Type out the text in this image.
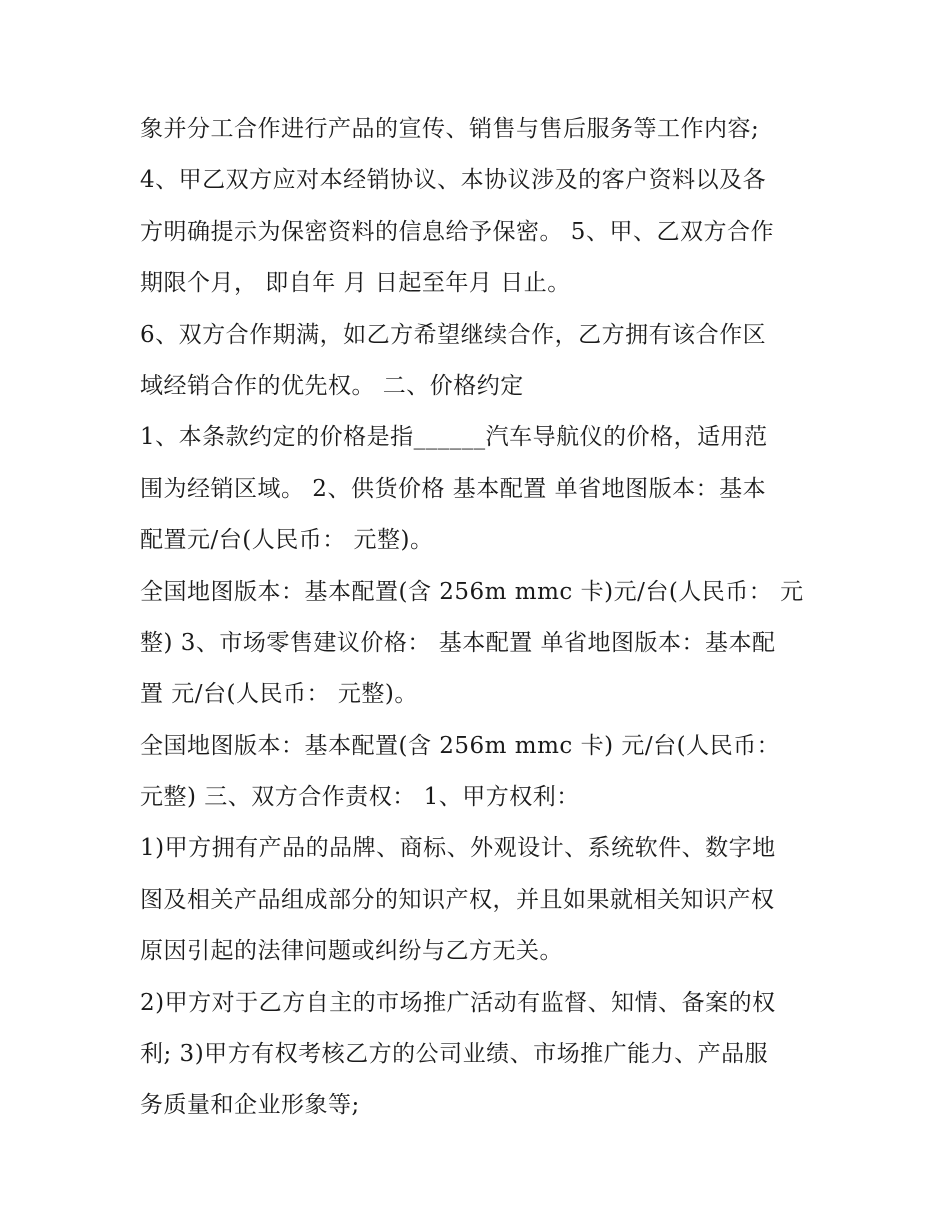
象并分工合作进行产品的宣传、销售与售后服务等工作内容;
4、甲乙双方应对本经销协议、本协议涉及的客户资料以及各
方明确提示为保密资料的信息给予保密。 5、甲、乙双方合作
期限个月， 即自年 月 日起至年月 日止。
6、双方合作期满，如乙方希望继续合作，乙方拥有该合作区
域经销合作的优先权。 二、价格约定
1、本条款约定的价格是指______汽车导航仪的价格，适用范
围为经销区域。 2、供货价格 基本配置 单省地图版本：基本
配置元/台(人民币： 元整)。
全国地图版本：基本配置(含 256m mmc 卡)元/台(人民币： 元
整) 3、市场零售建议价格： 基本配置 单省地图版本：基本配
置 元/台(人民币： 元整)。
全国地图版本：基本配置(含 256m mmc 卡) 元/台(人民币：
元整) 三、双方合作责权： 1、甲方权利：
1)甲方拥有产品的品牌、商标、外观设计、系统软件、数字地
图及相关产品组成部分的知识产权，并且如果就相关知识产权
原因引起的法律问题或纠纷与乙方无关。
2)甲方对于乙方自主的市场推广活动有监督、知情、备案的权
利; 3)甲方有权考核乙方的公司业绩、市场推广能力、产品服
务质量和企业形象等;
